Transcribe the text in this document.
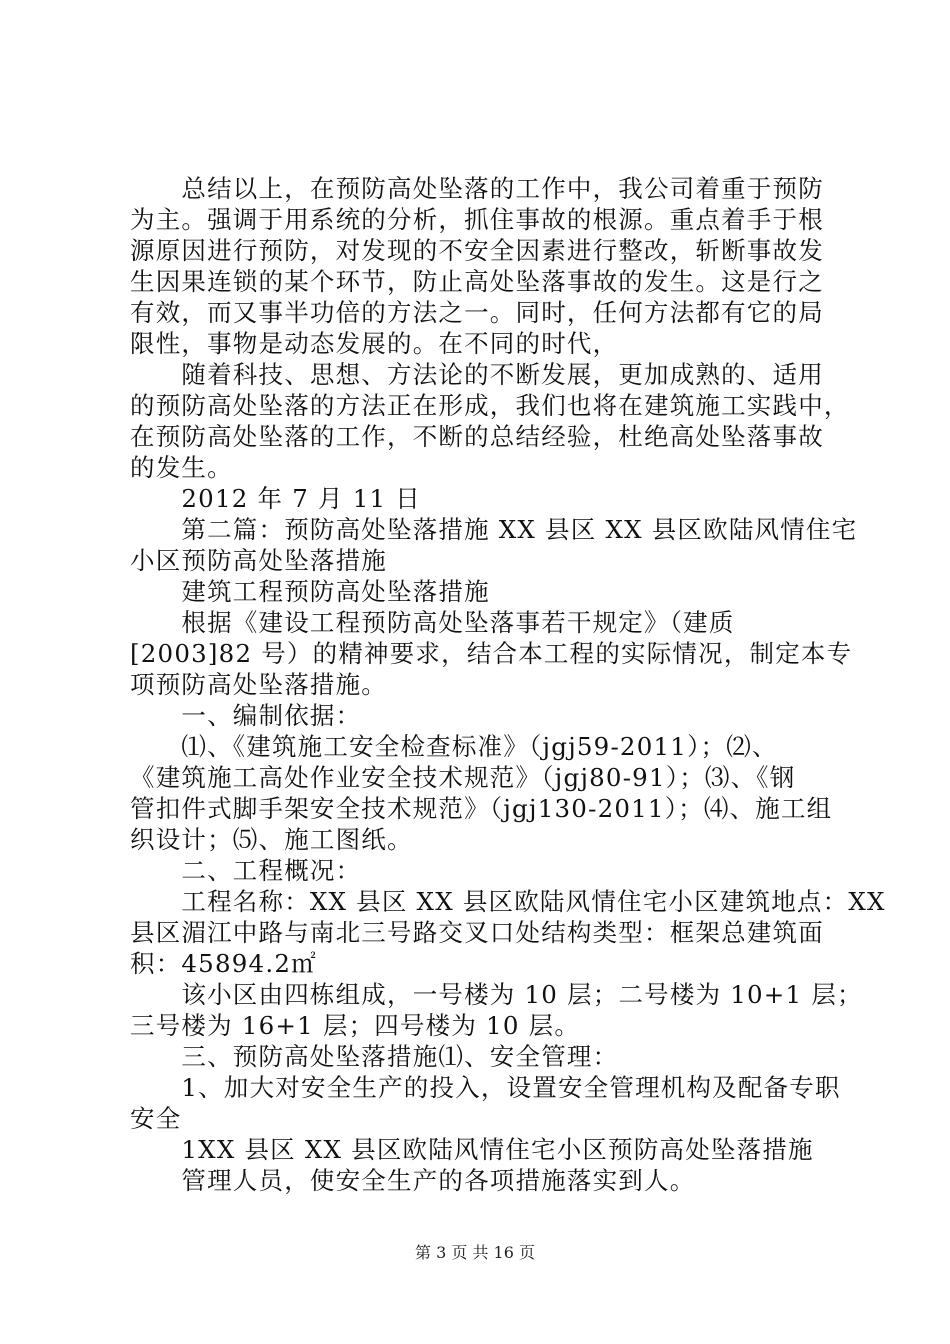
　　总结以上，在预防高处坠落的工作中，我公司着重于预防
为主。强调于用系统的分析，抓住事故的根源。重点着手于根
源原因进行预防，对发现的不安全因素进行整改，斩断事故发
生因果连锁的某个环节，防止高处坠落事故的发生。这是行之
有效，而又事半功倍的方法之一。同时，任何方法都有它的局
限性，事物是动态发展的。在不同的时代，
　　随着科技、思想、方法论的不断发展，更加成熟的、适用
的预防高处坠落的方法正在形成，我们也将在建筑施工实践中，
在预防高处坠落的工作，不断的总结经验，杜绝高处坠落事故
的发生。
　　2012 年 7 月 11 日
　　第二篇：预防高处坠落措施 XX 县区 XX 县区欧陆风情住宅
小区预防高处坠落措施
　　建筑工程预防高处坠落措施
　　根据《建设工程预防高处坠落事若干规定》（建质
[2003]82 号）的精神要求，结合本工程的实际情况，制定本专
项预防高处坠落措施。
　　一、编制依据：
　　⑴、《建筑施工安全检查标准》（jgj59-2011）；⑵、
《建筑施工高处作业安全技术规范》（jgj80-91）；⑶、《钢
管扣件式脚手架安全技术规范》（jgj130-2011）；⑷、施工组
织设计；⑸、施工图纸。
　　二、工程概况：
　　工程名称：XX 县区 XX 县区欧陆风情住宅小区建筑地点：XX
县区湄江中路与南北三号路交叉口处结构类型：框架总建筑面
积：45894.2㎡
　　该小区由四栋组成，一号楼为 10 层；二号楼为 10+1 层；
三号楼为 16+1 层；四号楼为 10 层。
　　三、预防高处坠落措施⑴、安全管理：
　　1、加大对安全生产的投入，设置安全管理机构及配备专职
安全
　　1XX 县区 XX 县区欧陆风情住宅小区预防高处坠落措施
　　管理人员，使安全生产的各项措施落实到人。
第 3 页 共 16 页
